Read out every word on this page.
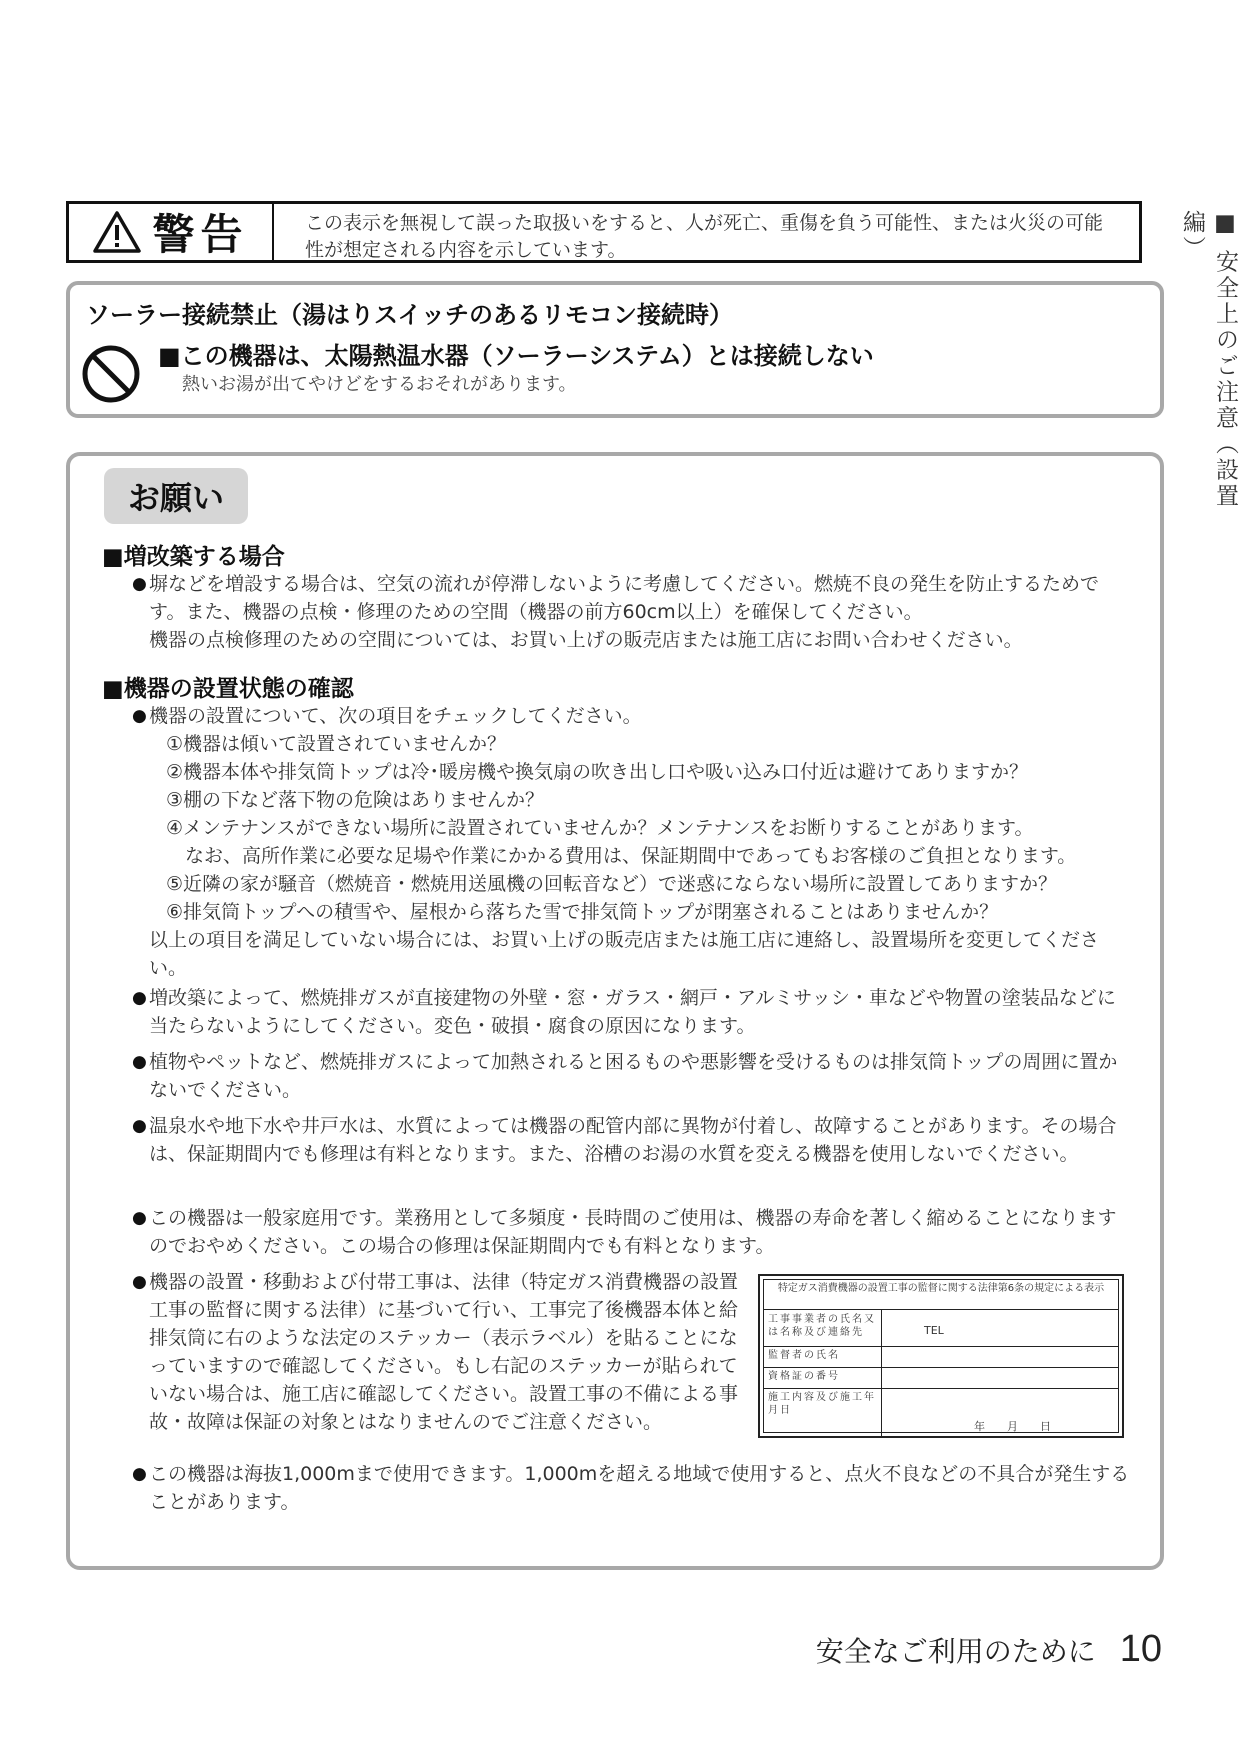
警告	この表示を無視して誤った取扱いをすると、人が死亡、重傷を負う可能性、または火災の可能性が想定される内容を示しています。
ソーラー接続禁止（湯はりスイッチのあるリモコン接続時）
■この機器は、太陽熱温水器（ソーラーシステム）とは接続しない
熱いお湯が出てやけどをするおそれがあります。
お願い
■増改築する場合
● 塀などを増設する場合は、空気の流れが停滞しないように考慮してください。燃焼不良の発生を防止するためです。また、機器の点検・修理のための空間（機器の前方60cm以上）を確保してください。
機器の点検修理のための空間については、お買い上げの販売店または施工店にお問い合わせください。
■機器の設置状態の確認
● 機器の設置について、次の項目をチェックしてください。
①機器は傾いて設置されていませんか？
②機器本体や排気筒トップは冷･暖房機や換気扇の吹き出し口や吸い込み口付近は避けてありますか？
③棚の下など落下物の危険はありませんか？
④メンテナンスができない場所に設置されていませんか？メンテナンスをお断りすることがあります。
　なお、高所作業に必要な足場や作業にかかる費用は、保証期間中であってもお客様のご負担となります。
⑤近隣の家が騒音（燃焼音・燃焼用送風機の回転音など）で迷惑にならない場所に設置してありますか？
⑥排気筒トップへの積雪や、屋根から落ちた雪で排気筒トップが閉塞されることはありませんか？
以上の項目を満足していない場合には、お買い上げの販売店または施工店に連絡し、設置場所を変更してください。
● 増改築によって、燃焼排ガスが直接建物の外壁・窓・ガラス・網戸・アルミサッシ・車などや物置の塗装品などに当たらないようにしてください。変色・破損・腐食の原因になります。
● 植物やペットなど、燃焼排ガスによって加熱されると困るものや悪影響を受けるものは排気筒トップの周囲に置かないでください。
● 温泉水や地下水や井戸水は、水質によっては機器の配管内部に異物が付着し、故障することがあります。その場合は、保証期間内でも修理は有料となります。また、浴槽のお湯の水質を変える機器を使用しないでください。
● この機器は一般家庭用です。業務用として多頻度・長時間のご使用は、機器の寿命を著しく縮めることになりますのでおやめください。この場合の修理は保証期間内でも有料となります。
● 機器の設置・移動および付帯工事は、法律（特定ガス消費機器の設置工事の監督に関する法律）に基づいて行い、工事完了後機器本体と給排気筒に右のような法定のステッカー（表示ラベル）を貼ることになっていますので確認してください。もし右記のステッカーが貼られていない場合は、施工店に確認してください。設置工事の不備による事故・故障は保証の対象とはなりませんのでご注意ください。
● この機器は海抜1,000mまで使用できます。1,000mを超える地域で使用すると、点火不良などの不具合が発生することがあります。
特定ガス消費機器の設置工事の監督に関する法律第6条の規定による表示
工事事業者の氏名又は名称及び連絡先	TEL
監督者の氏名
資格証の番号
施工内容及び施工年月日
年　　月　　日
■ 安全上のご注意（設置編）
安全なご利用のために 10
